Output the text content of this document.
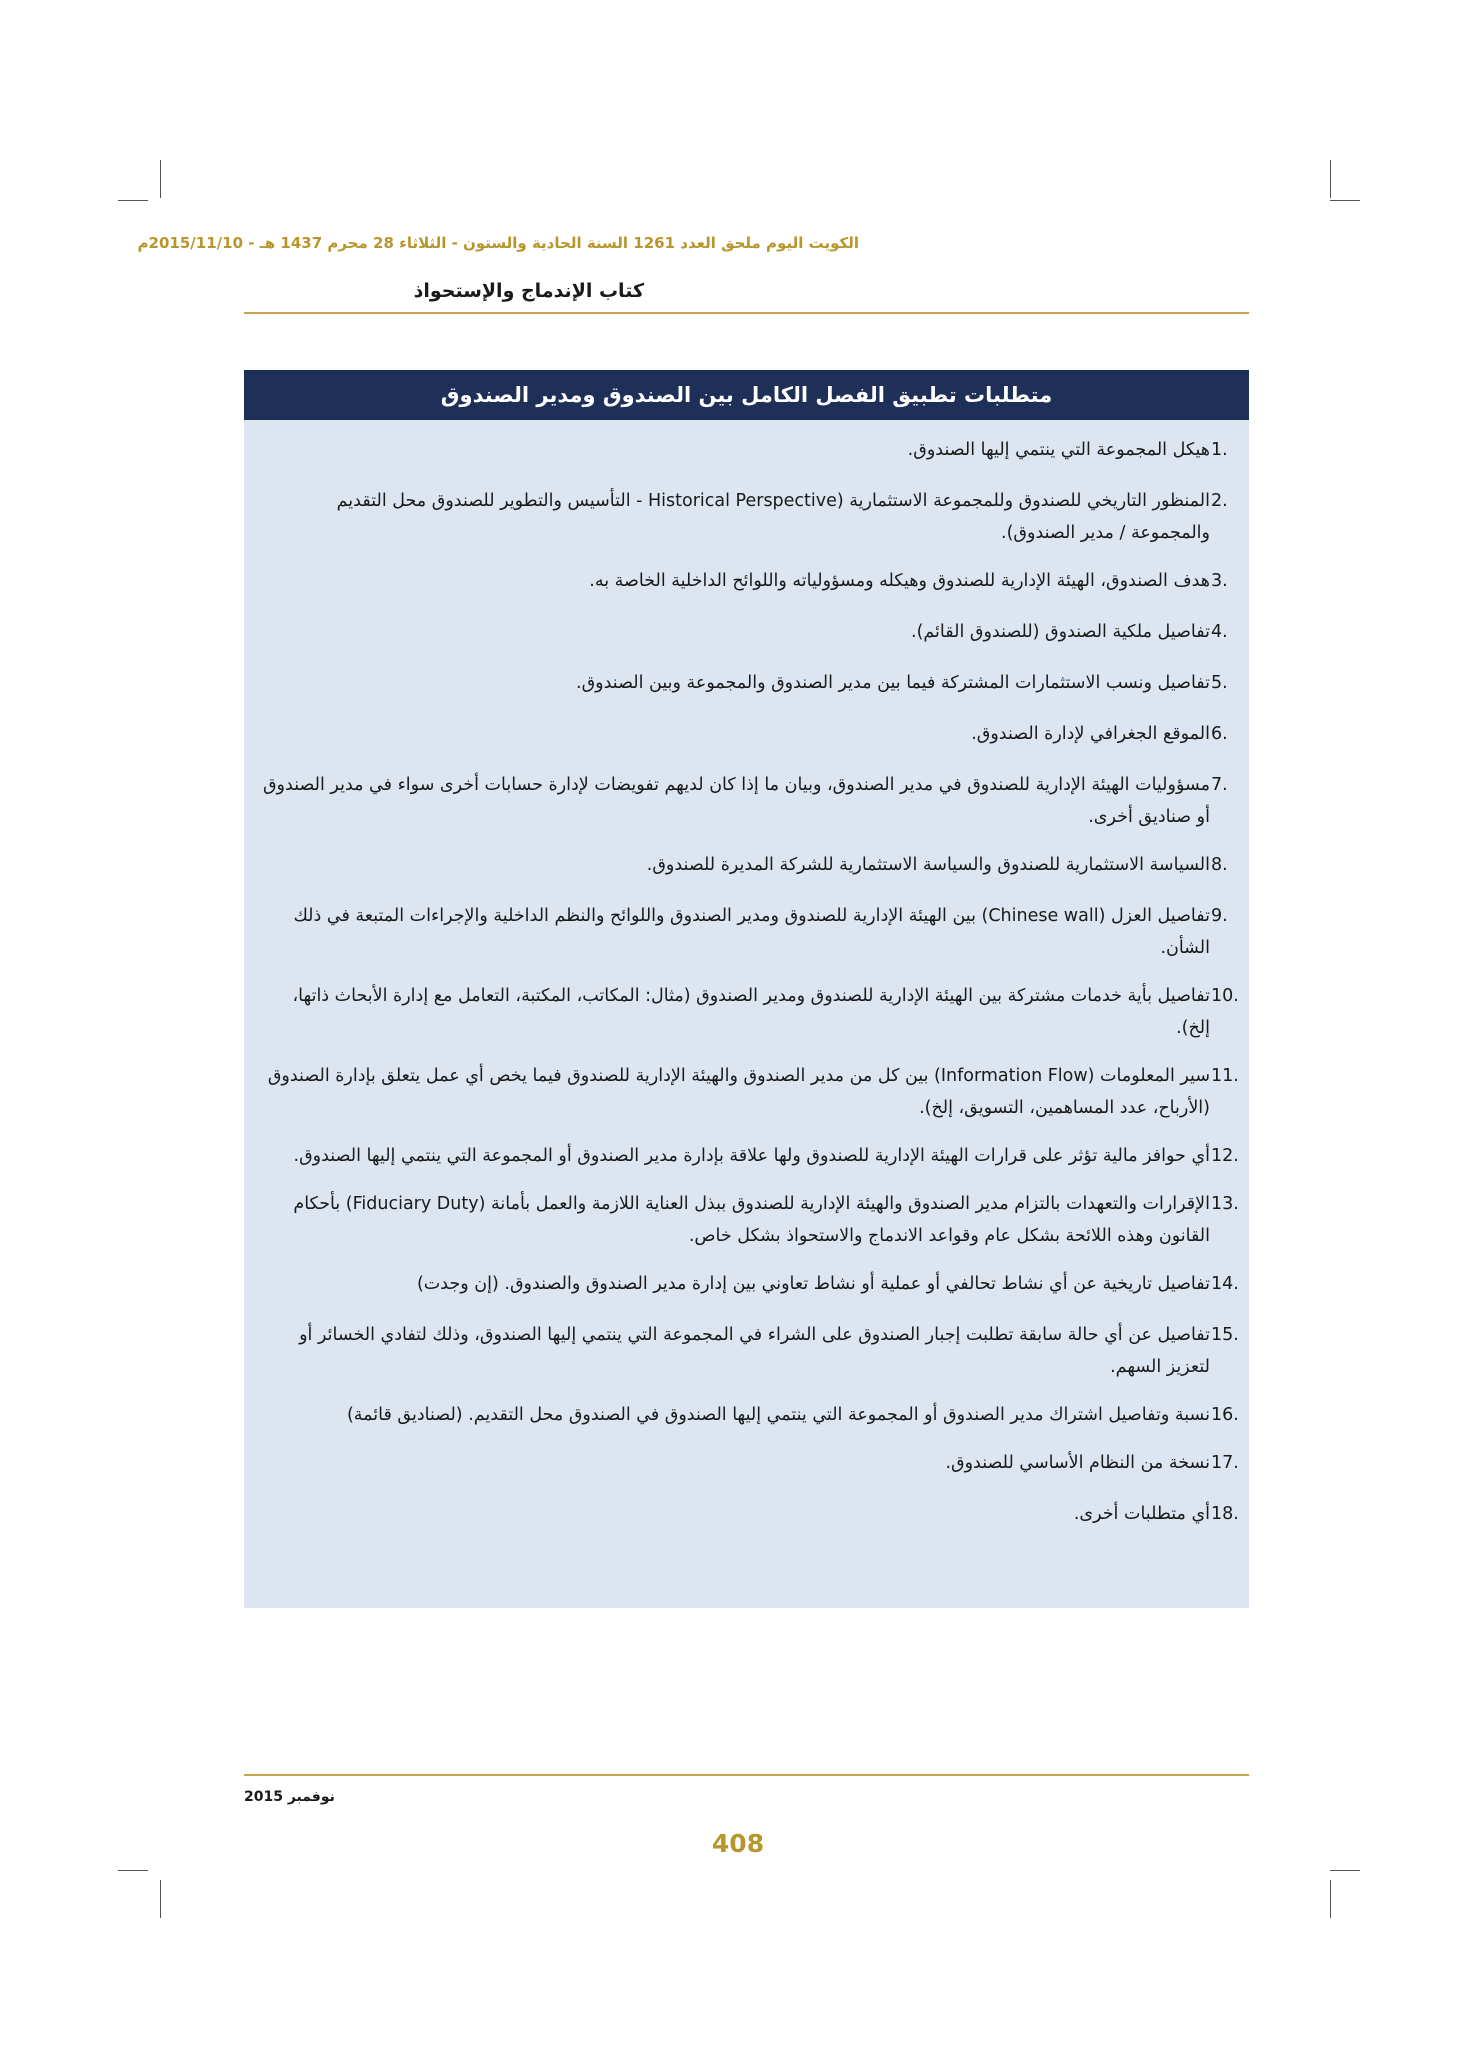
الكويت اليوم ملحق العدد 1261 السنة الحادية والستون - الثلاثاء 28 محرم 1437 هـ - 2015/11/10م
كتاب الإندماج والإستحواذ
متطلبات تطبيق الفصل الكامل بين الصندوق ومدير الصندوق
1.
هيكل المجموعة التي ينتمي إليها الصندوق.
2.
المنظور التاريخي للصندوق وللمجموعة الاستثمارية (Historical Perspective - التأسيس والتطوير للصندوق محل التقديم والمجموعة / مدير الصندوق).
3.
هدف الصندوق، الهيئة الإدارية للصندوق وهيكله ومسؤولياته واللوائح الداخلية الخاصة به.
4.
تفاصيل ملكية الصندوق (للصندوق القائم).
5.
تفاصيل ونسب الاستثمارات المشتركة فيما بين مدير الصندوق والمجموعة وبين الصندوق.
6.
الموقع الجغرافي لإدارة الصندوق.
7.
مسؤوليات الهيئة الإدارية للصندوق في مدير الصندوق، وبيان ما إذا كان لديهم تفويضات لإدارة حسابات أخرى سواء في مدير الصندوق أو صناديق أخرى.
8.
السياسة الاستثمارية للصندوق والسياسة الاستثمارية للشركة المديرة للصندوق.
9.
تفاصيل العزل (Chinese wall) بين الهيئة الإدارية للصندوق ومدير الصندوق واللوائح والنظم الداخلية والإجراءات المتبعة في ذلك الشأن.
10.
تفاصيل بأية خدمات مشتركة بين الهيئة الإدارية للصندوق ومدير الصندوق (مثال: المكاتب، المكتبة، التعامل مع إدارة الأبحاث ذاتها، إلخ).
11.
سير المعلومات (Information Flow) بين كل من مدير الصندوق والهيئة الإدارية للصندوق فيما يخص أي عمل يتعلق بإدارة الصندوق (الأرباح، عدد المساهمين، التسويق، إلخ).
12.
أي حوافز مالية تؤثر على قرارات الهيئة الإدارية للصندوق ولها علاقة بإدارة مدير الصندوق أو المجموعة التي ينتمي إليها الصندوق.
13.
الإقرارات والتعهدات بالتزام مدير الصندوق والهيئة الإدارية للصندوق ببذل العناية اللازمة والعمل بأمانة (Fiduciary Duty) بأحكام القانون وهذه اللائحة بشكل عام وقواعد الاندماج والاستحواذ بشكل خاص.
14.
تفاصيل تاريخية عن أي نشاط تحالفي أو عملية أو نشاط تعاوني بين إدارة مدير الصندوق والصندوق. (إن وجدت)
15.
تفاصيل عن أي حالة سابقة تطلبت إجبار الصندوق على الشراء في المجموعة التي ينتمي إليها الصندوق، وذلك لتفادي الخسائر أو لتعزيز السهم.
16.
نسبة وتفاصيل اشتراك مدير الصندوق أو المجموعة التي ينتمي إليها الصندوق في الصندوق محل التقديم. (لصناديق قائمة)
17.
نسخة من النظام الأساسي للصندوق.
18.
أي متطلبات أخرى.
نوفمبر 2015
408
